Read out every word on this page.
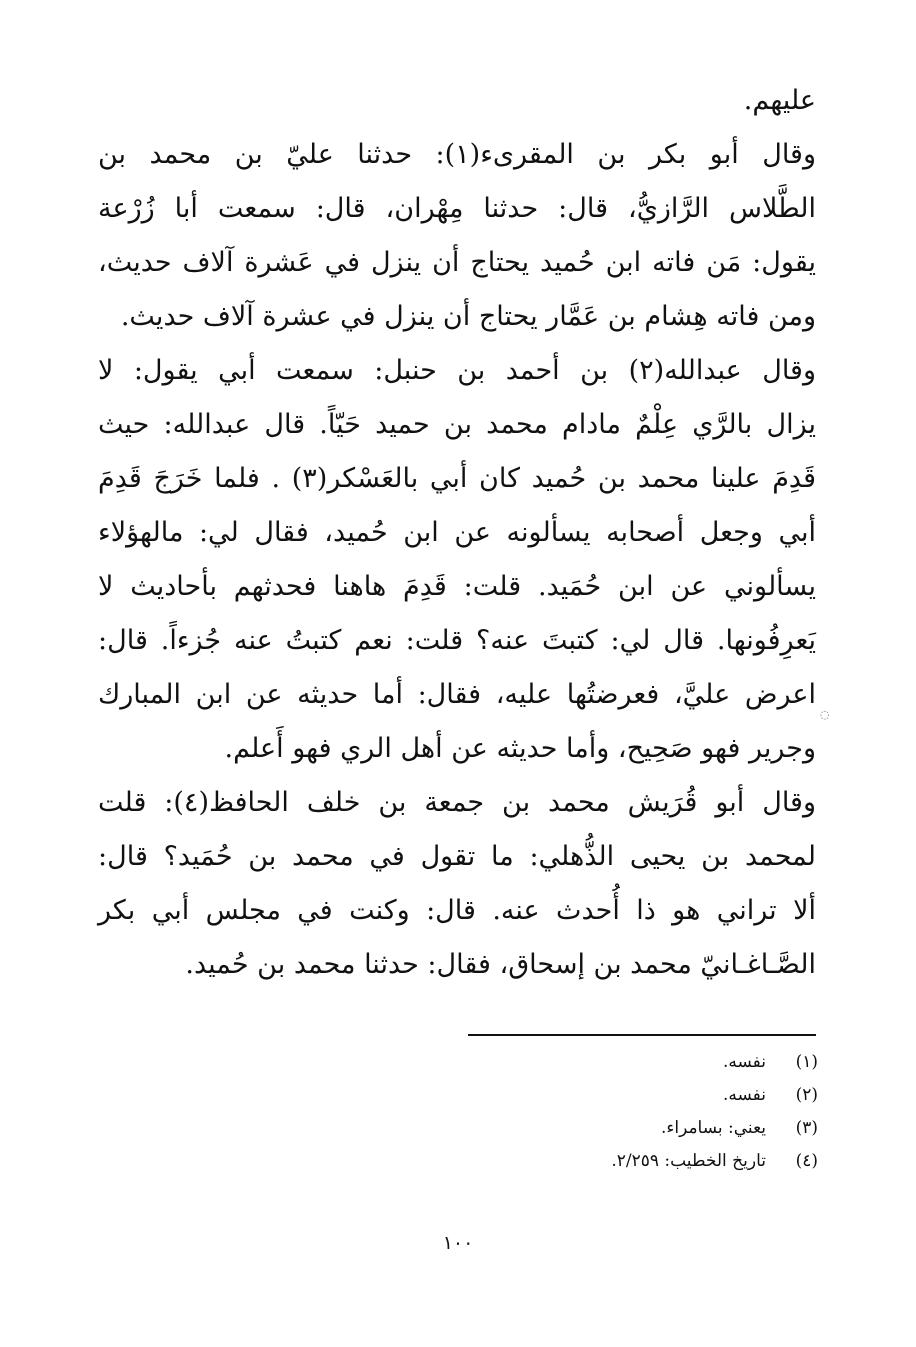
عليهم.
وقال أبو بكر بن المقرىء(١): حدثنا عليّ بن محمد بن
الطَّلاس الرَّازيُّ، قال: حدثنا مِهْران، قال: سمعت أبا زُرْعة
يقول: مَن فاته ابن حُميد يحتاج أن ينزل في عَشرة آلاف حديث،
ومن فاته هِشام بن عَمَّار يحتاج أن ينزل في عشرة آلاف حديث.
وقال عبدالله(٢) بن أحمد بن حنبل: سمعت أبي يقول: لا
يزال بالرَّي عِلْمٌ مادام محمد بن حميد حَيّاً. قال عبدالله: حيث
قَدِمَ علينا محمد بن حُميد كان أبي بالعَسْكر(٣) . فلما خَرَجَ قَدِمَ
أبي وجعل أصحابه يسألونه عن ابن حُميد، فقال لي: مالهؤلاء
يسألوني عن ابن حُمَيد. قلت: قَدِمَ هاهنا فحدثهم بأحاديث لا
يَعرِفُونها. قال لي: كتبتَ عنه؟ قلت: نعم كتبتُ عنه جُزءاً. قال:
اعرض عليَّ، فعرضتُها عليه، فقال: أما حديثه عن ابن المبارك
وجرير فهو صَحِيح، وأما حديثه عن أهل الري فهو أَعلم.
وقال أبو قُرَيش محمد بن جمعة بن خلف الحافظ(٤): قلت
لمحمد بن يحيى الذُّهلي: ما تقول في محمد بن حُمَيد؟ قال:
ألا تراني هو ذا أُحدث عنه. قال: وكنت في مجلس أبي بكر
الصَّـاغـانيّ محمد بن إسحاق، فقال: حدثنا محمد بن حُميد.
◌
(١)
نفسه.
(٢)
نفسه.
(٣)
يعني: بسامراء.
(٤)
تاريخ الخطيب: ٢/٢٥٩.
١٠٠
